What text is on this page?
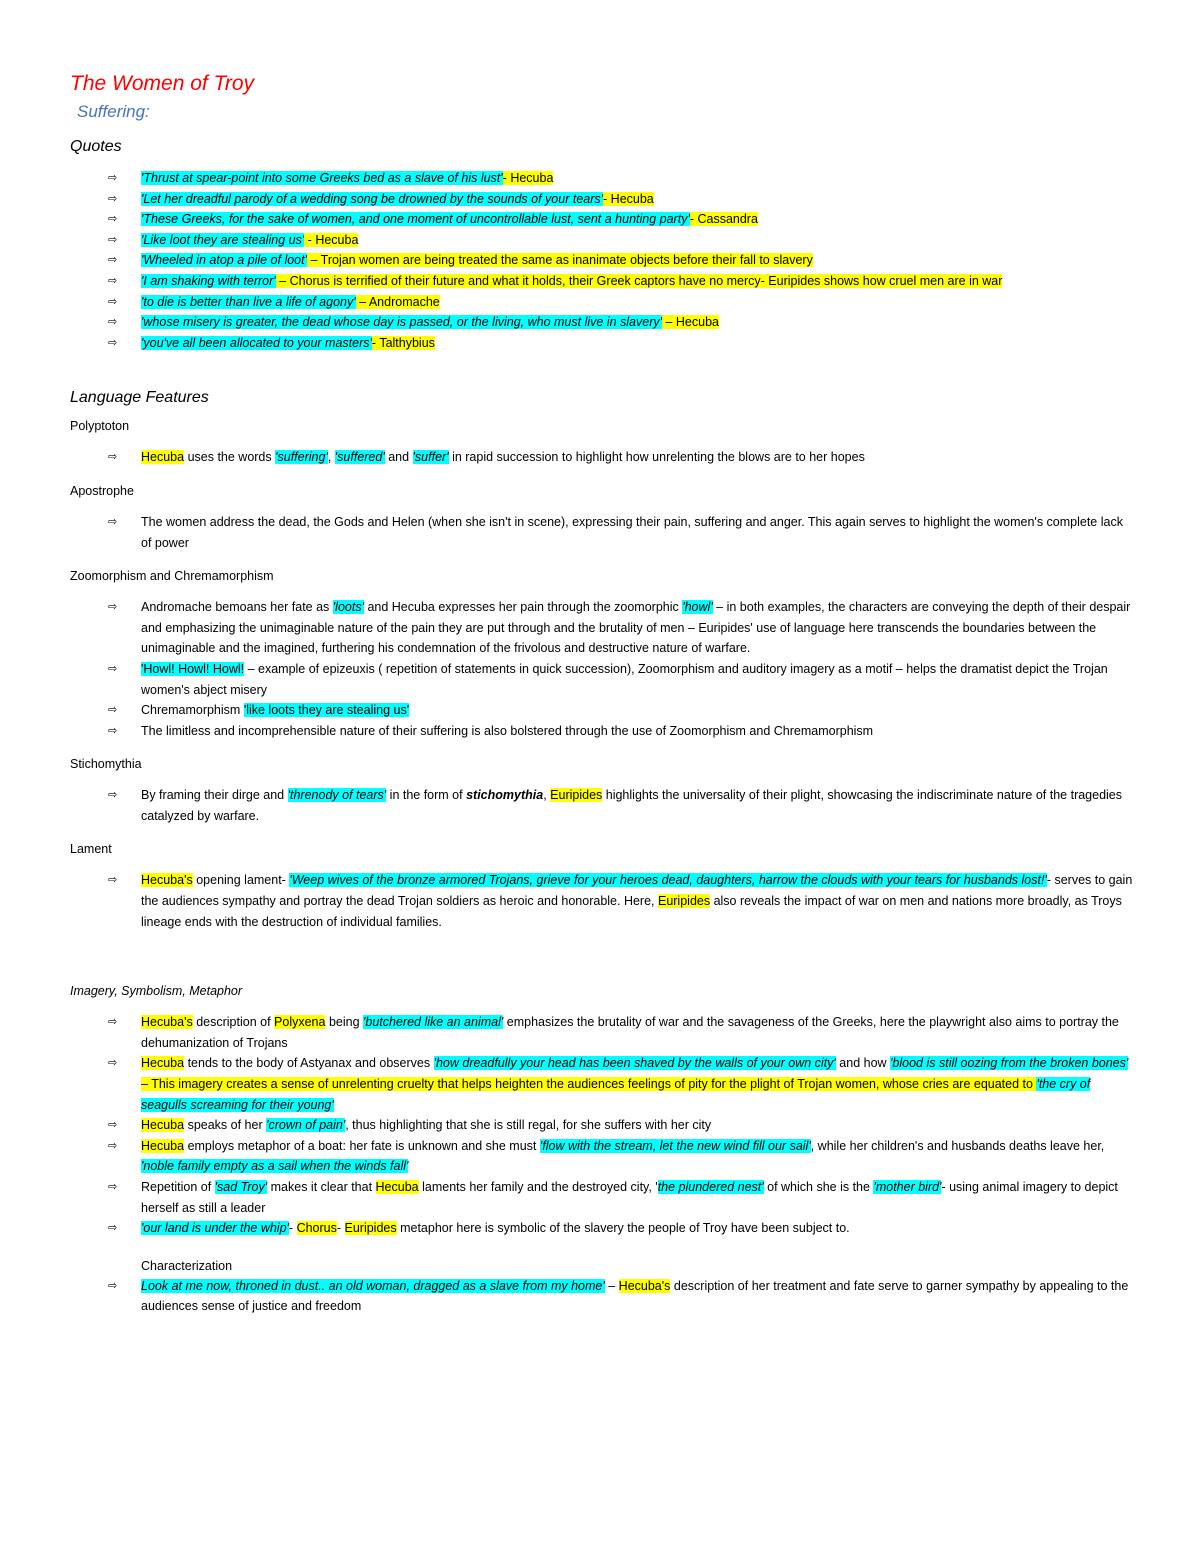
The Women of Troy
Suffering:
Quotes
⇨ 'Thrust at spear-point into some Greeks bed as a slave of his lust'- Hecuba
⇨ 'Let her dreadful parody of a wedding song be drowned by the sounds of your tears'- Hecuba
⇨ 'These Greeks, for the sake of women, and one moment of uncontrollable lust, sent a hunting party'- Cassandra
⇨ 'Like loot they are stealing us' - Hecuba
⇨ 'Wheeled in atop a pile of loot' – Trojan women are being treated the same as inanimate objects before their fall to slavery
⇨ 'I am shaking with terror' – Chorus is terrified of their future and what it holds, their Greek captors have no mercy- Euripides shows how cruel men are in war
⇨ 'to die is better than live a life of agony' – Andromache
⇨ 'whose misery is greater, the dead whose day is passed, or the living, who must live in slavery' – Hecuba
⇨ 'you've all been allocated to your masters'- Talthybius
Language Features
Polyptoton
⇨ Hecuba uses the words 'suffering', 'suffered' and 'suffer' in rapid succession to highlight how unrelenting the blows are to her hopes
Apostrophe
⇨ The women address the dead, the Gods and Helen (when she isn't in scene), expressing their pain, suffering and anger. This again serves to highlight the women's complete lack of power
Zoomorphism and Chremamorphism
⇨ Andromache bemoans her fate as 'loots' and Hecuba expresses her pain through the zoomorphic 'howl' – in both examples, the characters are conveying the depth of their despair and emphasizing the unimaginable nature of the pain they are put through and the brutality of men – Euripides' use of language here transcends the boundaries between the unimaginable and the imagined, furthering his condemnation of the frivolous and destructive nature of warfare.
⇨ 'Howl! Howl! Howl! – example of epizeuxis ( repetition of statements in quick succession), Zoomorphism and auditory imagery as a motif – helps the dramatist depict the Trojan women's abject misery
⇨ Chremamorphism 'like loots they are stealing us'
⇨ The limitless and incomprehensible nature of their suffering is also bolstered through the use of Zoomorphism and Chremamorphism
Stichomythia
⇨ By framing their dirge and 'threnody of tears' in the form of stichomythia, Euripides highlights the universality of their plight, showcasing the indiscriminate nature of the tragedies catalyzed by warfare.
Lament
⇨ Hecuba's opening lament- 'Weep wives of the bronze armored Trojans, grieve for your heroes dead, daughters, harrow the clouds with your tears for husbands lost!'- serves to gain the audiences sympathy and portray the dead Trojan soldiers as heroic and honorable. Here, Euripides also reveals the impact of war on men and nations more broadly, as Troys lineage ends with the destruction of individual families.
Imagery, Symbolism, Metaphor
⇨ Hecuba's description of Polyxena being 'butchered like an animal' emphasizes the brutality of war and the savageness of the Greeks, here the playwright also aims to portray the dehumanization of Trojans
⇨ Hecuba tends to the body of Astyanax and observes 'how dreadfully your head has been shaved by the walls of your own city' and how 'blood is still oozing from the broken bones' – This imagery creates a sense of unrelenting cruelty that helps heighten the audiences feelings of pity for the plight of Trojan women, whose cries are equated to 'the cry of seagulls screaming for their young'
⇨ Hecuba speaks of her 'crown of pain', thus highlighting that she is still regal, for she suffers with her city
⇨ Hecuba employs metaphor of a boat: her fate is unknown and she must 'flow with the stream, let the new wind fill our sail', while her children's and husbands deaths leave her, 'noble family empty as a sail when the winds fall'
⇨ Repetition of 'sad Troy' makes it clear that Hecuba laments her family and the destroyed city, 'the plundered nest' of which she is the 'mother bird'- using animal imagery to depict herself as still a leader
⇨ 'our land is under the whip'- Chorus- Euripides metaphor here is symbolic of the slavery the people of Troy have been subject to.
Characterization
⇨ Look at me now, throned in dust.. an old woman, dragged as a slave from my home' – Hecuba's description of her treatment and fate serve to garner sympathy by appealing to the audiences sense of justice and freedom
